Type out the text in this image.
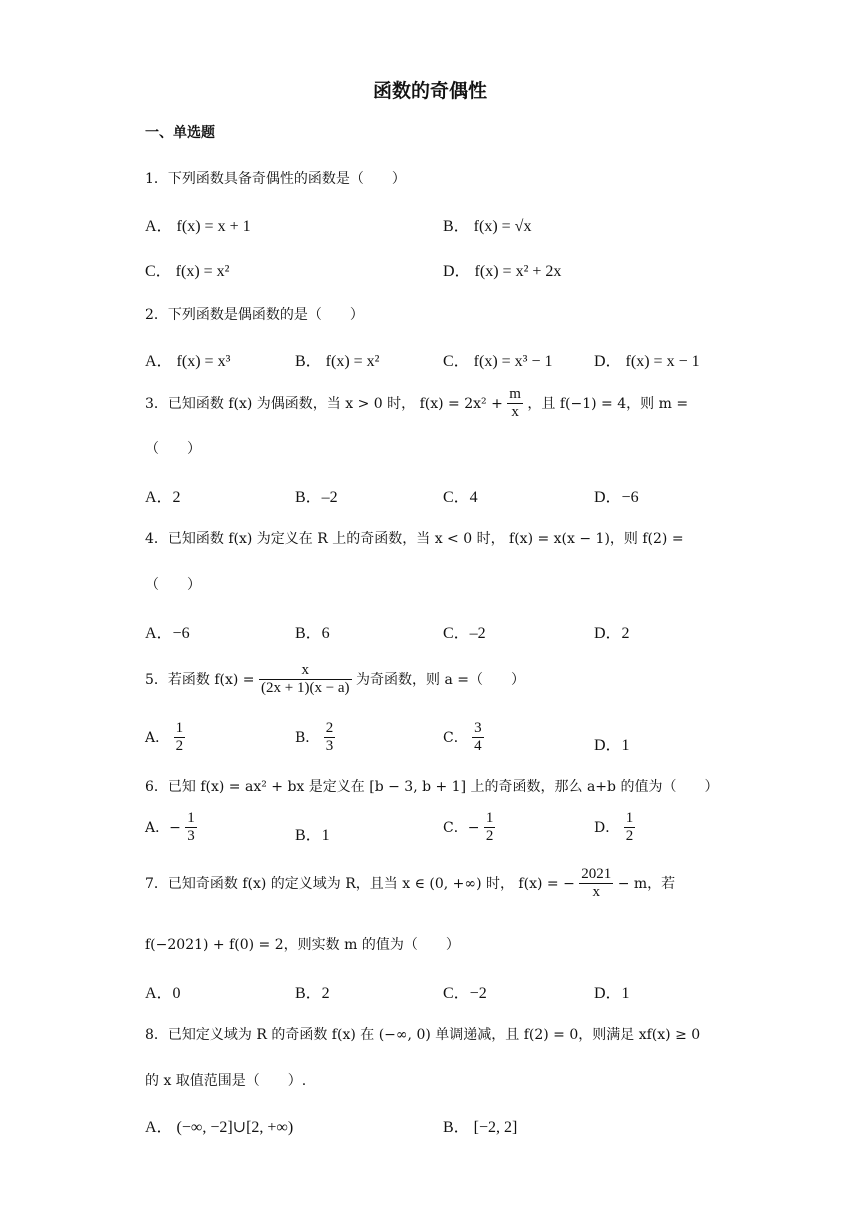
函数的奇偶性
一、单选题
1．下列函数具备奇偶性的函数是（　　）
A． f(x) = x + 1	B． f(x) = √x
C． f(x) = x²	D． f(x) = x² + 2x
2．下列函数是偶函数的是（　　）
A． f(x) = x³	B． f(x) = x²	C． f(x) = x³ − 1	D． f(x) = x − 1
3．已知函数 f(x) 为偶函数，当 x > 0 时， $f(x) = 2x^2 + \frac{m}{x}$ ，且 f(−1) = 4，则 m =
（　　）
A．2	B．–2	C．4	D．−6
4．已知函数 f(x) 为定义在 R 上的奇函数，当 x < 0 时， f(x) = x(x − 1)，则 f(2) =
（　　）
A．−6	B．6	C．–2	D．2
5．若函数 $f(x) = \frac{x}{(2x + 1)(x - a)}$ 为奇函数，则 a =（　　）
A． $\frac{1}{2}$	B． $\frac{2}{3}$	C． $\frac{3}{4}$	D．1
6．已知 f(x) = ax² + bx 是定义在 [b − 3, b + 1] 上的奇函数，那么 a+b 的值为（　　）
A．− $\frac{1}{3}$	B．1	C．− $\frac{1}{2}$	D． $\frac{1}{2}$
7．已知奇函数 f(x) 的定义域为 R，且当 x ∈ (0, +∞) 时， f(x) = − $\frac{2021}{x} - m$，若
f(−2021) + f(0) = 2，则实数 m 的值为（　　）
A．0	B．2	C．−2	D．1
8．已知定义域为 R 的奇函数 f(x) 在 (−∞, 0) 单调递减，且 f(2) = 0，则满足 xf(x) ≥ 0
的 x 取值范围是（　　）.
A． (−∞, −2]∪[2, +∞)	B． [−2, 2]
